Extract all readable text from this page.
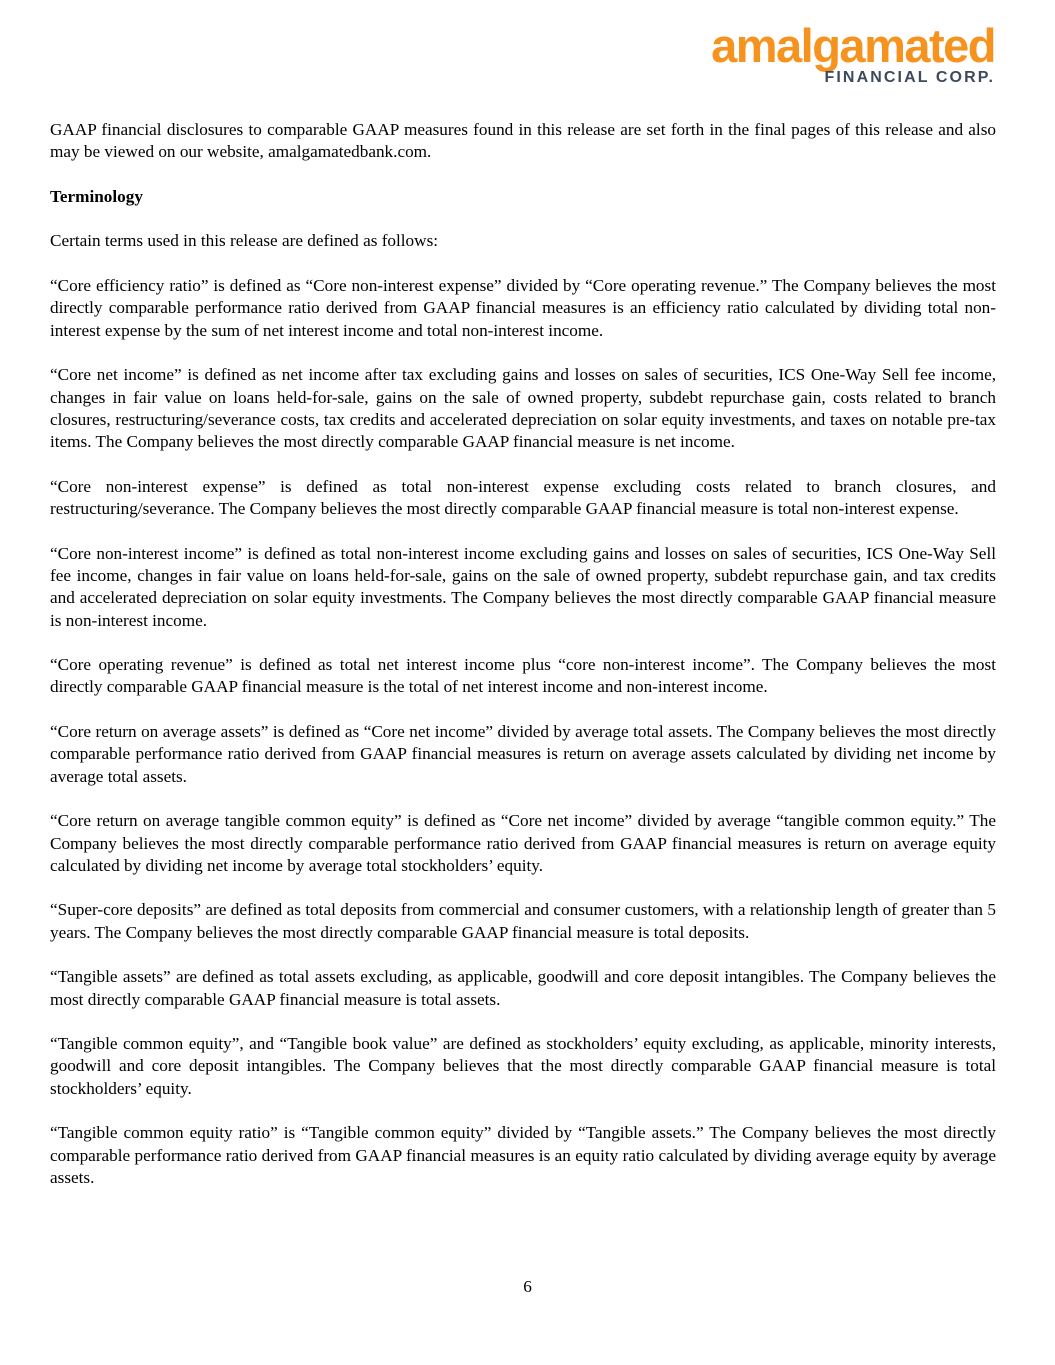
amalgamated
FINANCIAL CORP.

GAAP financial disclosures to comparable GAAP measures found in this release are set forth in the final pages of this release and also may be viewed on our website, amalgamatedbank.com.

Terminology

Certain terms used in this release are defined as follows:

“Core efficiency ratio” is defined as “Core non-interest expense” divided by “Core operating revenue.” The Company believes the most directly comparable performance ratio derived from GAAP financial measures is an efficiency ratio calculated by dividing total non-interest expense by the sum of net interest income and total non-interest income.

“Core net income” is defined as net income after tax excluding gains and losses on sales of securities, ICS One-Way Sell fee income, changes in fair value on loans held-for-sale, gains on the sale of owned property, subdebt repurchase gain, costs related to branch closures, restructuring/severance costs, tax credits and accelerated depreciation on solar equity investments, and taxes on notable pre-tax items. The Company believes the most directly comparable GAAP financial measure is net income.

“Core non-interest expense” is defined as total non-interest expense excluding costs related to branch closures, and restructuring/severance. The Company believes the most directly comparable GAAP financial measure is total non-interest expense.

“Core non-interest income” is defined as total non-interest income excluding gains and losses on sales of securities, ICS One-Way Sell fee income, changes in fair value on loans held-for-sale, gains on the sale of owned property, subdebt repurchase gain, and tax credits and accelerated depreciation on solar equity investments. The Company believes the most directly comparable GAAP financial measure is non-interest income.

“Core operating revenue” is defined as total net interest income plus “core non-interest income”. The Company believes the most directly comparable GAAP financial measure is the total of net interest income and non-interest income.

“Core return on average assets” is defined as “Core net income” divided by average total assets. The Company believes the most directly comparable performance ratio derived from GAAP financial measures is return on average assets calculated by dividing net income by average total assets.

“Core return on average tangible common equity” is defined as “Core net income” divided by average “tangible common equity.” The Company believes the most directly comparable performance ratio derived from GAAP financial measures is return on average equity calculated by dividing net income by average total stockholders’ equity.

“Super-core deposits” are defined as total deposits from commercial and consumer customers, with a relationship length of greater than 5 years. The Company believes the most directly comparable GAAP financial measure is total deposits.

“Tangible assets” are defined as total assets excluding, as applicable, goodwill and core deposit intangibles. The Company believes the most directly comparable GAAP financial measure is total assets.

“Tangible common equity”, and “Tangible book value” are defined as stockholders’ equity excluding, as applicable, minority interests, goodwill and core deposit intangibles. The Company believes that the most directly comparable GAAP financial measure is total stockholders’ equity.

“Tangible common equity ratio” is “Tangible common equity” divided by “Tangible assets.” The Company believes the most directly comparable performance ratio derived from GAAP financial measures is an equity ratio calculated by dividing average equity by average assets.

6
